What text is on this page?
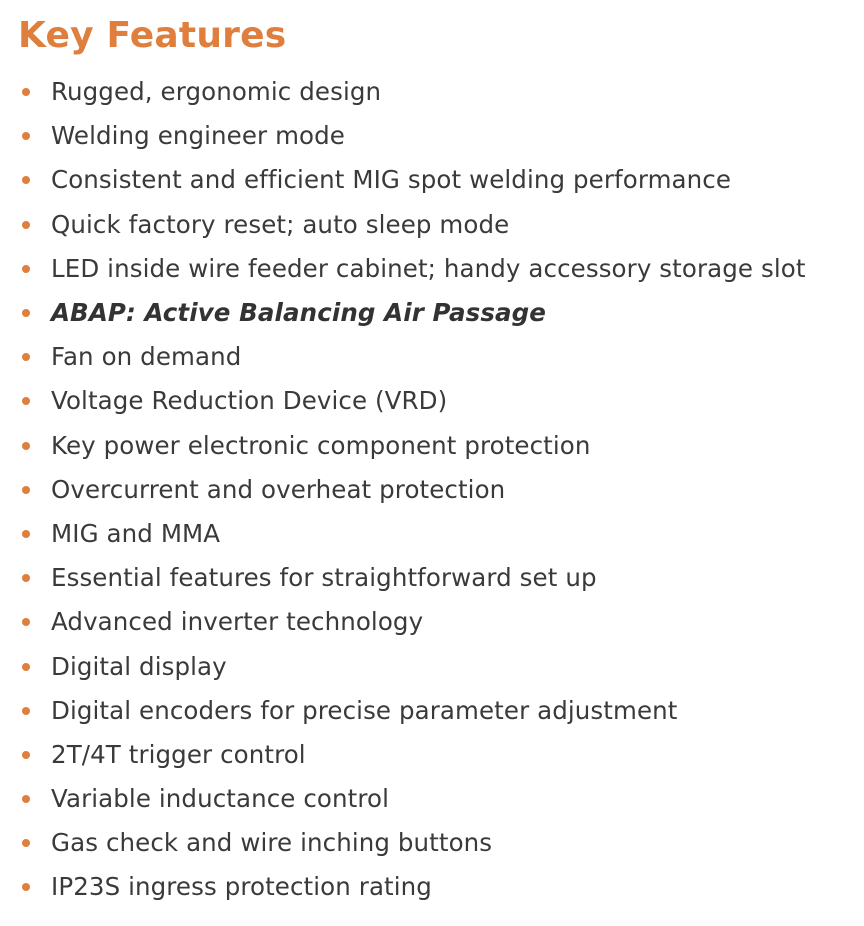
Key Features
Rugged, ergonomic design
Welding engineer mode
Consistent and efficient MIG spot welding performance
Quick factory reset; auto sleep mode
LED inside wire feeder cabinet; handy accessory storage slot
ABAP: Active Balancing Air Passage
Fan on demand
Voltage Reduction Device (VRD)
Key power electronic component protection
Overcurrent and overheat protection
MIG and MMA
Essential features for straightforward set up
Advanced inverter technology
Digital display
Digital encoders for precise parameter adjustment
2T/4T trigger control
Variable inductance control
Gas check and wire inching buttons
IP23S ingress protection rating
